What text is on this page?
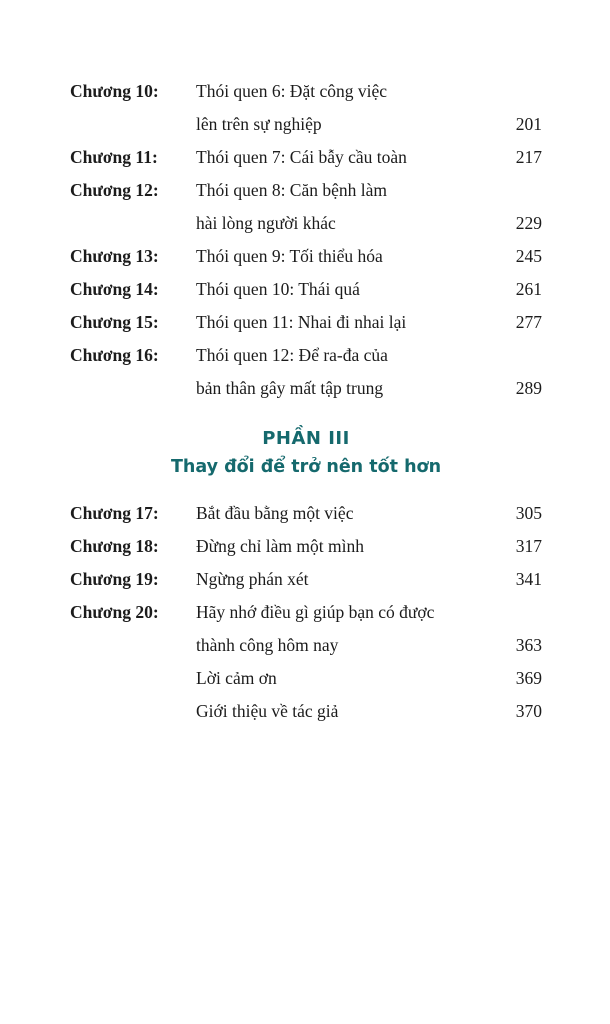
Chương 10:	Thói quen 6: Đặt công việc
lên trên sự nghiệp	201
Chương 11:	Thói quen 7: Cái bẫy cầu toàn	217
Chương 12:	Thói quen 8: Căn bệnh làm
hài lòng người khác	229
Chương 13:	Thói quen 9: Tối thiểu hóa	245
Chương 14:	Thói quen 10: Thái quá	261
Chương 15:	Thói quen 11: Nhai đi nhai lại	277
Chương 16:	Thói quen 12: Để ra-đa của
bản thân gây mất tập trung	289
PHẦN III
Thay đổi để trở nên tốt hơn
Chương 17:	Bắt đầu bằng một việc	305
Chương 18:	Đừng chỉ làm một mình	317
Chương 19:	Ngừng phán xét	341
Chương 20:	Hãy nhớ điều gì giúp bạn có được
thành công hôm nay	363
Lời cảm ơn	369
Giới thiệu về tác giả	370
